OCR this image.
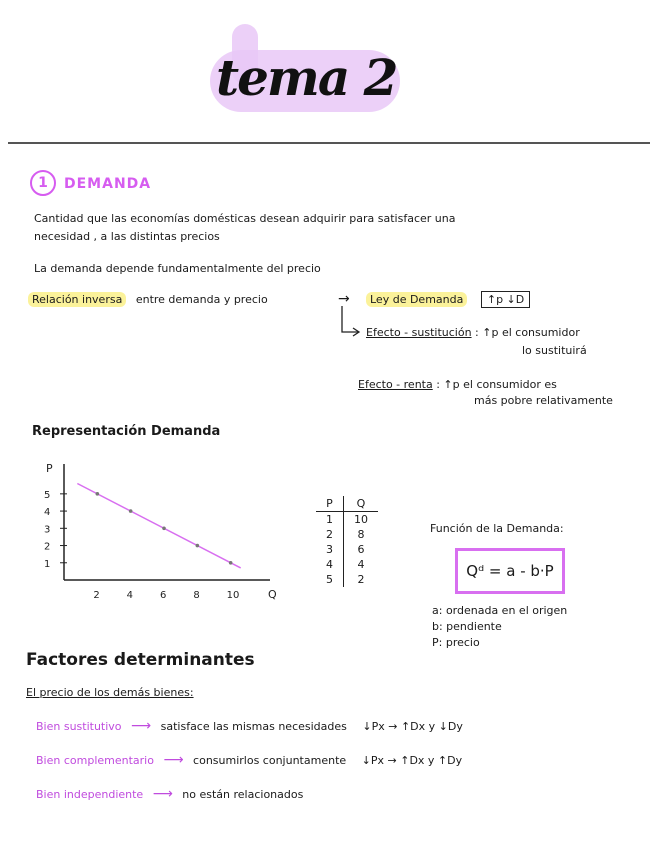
tema 2
1	DEMANDA
Cantidad que las economías domésticas desean adquirir para satisfacer una
necesidad , a las distintas precios
La demanda depende fundamentalmente del precio
Relación inversa entre demanda y precio	→	Ley de Demanda ↑p ↓D
Efecto - sustitución : ↑p el consumidor
lo sustituirá
Efecto - renta : ↑p el consumidor es
más pobre relativamente
Representación Demanda
P
Q
2	4	6	8	10
1
2
3
4
5
P	Q
1	10
2	8
3	6
4	4
5	2
Función de la Demanda:
Qᵈ = a - b·P
a: ordenada en el origen
b: pendiente
P: precio
Factores determinantes
El precio de los demás bienes:
Bien sustitutivo ⟶ satisface las mismas necesidades ↓Px → ↑Dx y ↓Dy
Bien complementario ⟶ consumirlos conjuntamente ↓Px → ↑Dx y ↑Dy
Bien independiente ⟶ no están relacionados
